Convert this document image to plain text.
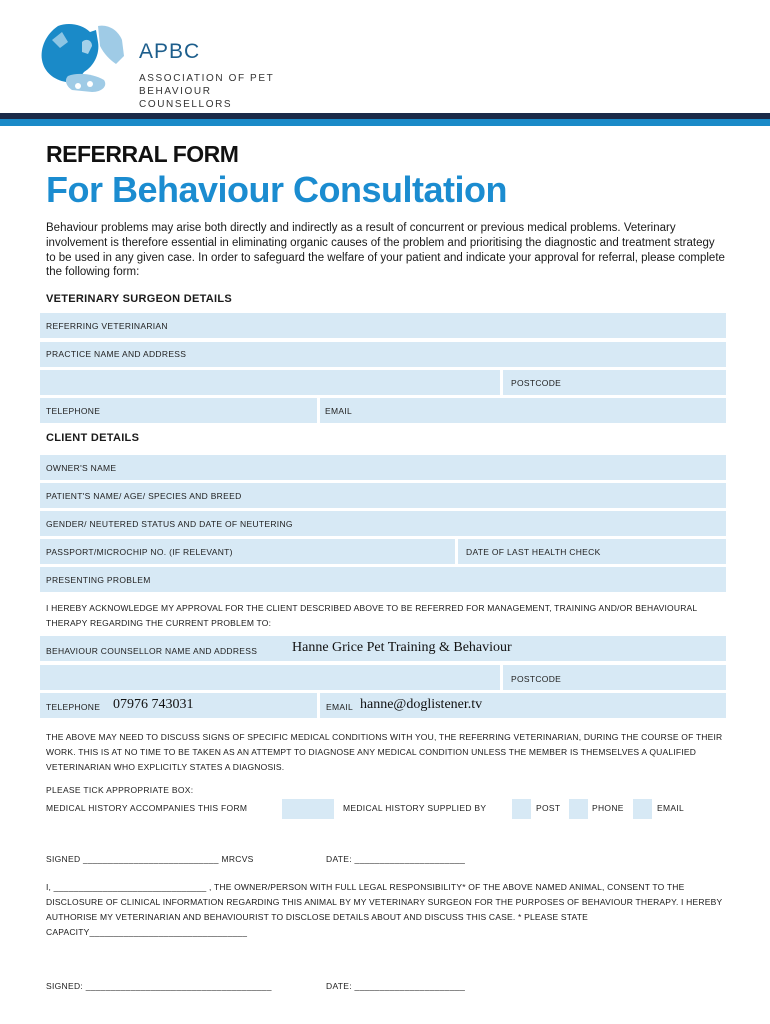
APBC
ASSOCIATION OF PET
BEHAVIOUR COUNSELLORS
REFERRAL FORM
For Behaviour Consultation
Behaviour problems may arise both directly and indirectly as a result of concurrent or previous medical problems. Veterinary involvement is therefore essential in eliminating organic causes of the problem and prioritising the diagnostic and treatment strategy to be used in any given case. In order to safeguard the welfare of your patient and indicate your approval for referral, please complete the following form:
VETERINARY SURGEON DETAILS
REFERRING VETERINARIAN
PRACTICE NAME AND ADDRESS
POSTCODE
TELEPHONE	EMAIL
CLIENT DETAILS
OWNER'S NAME
PATIENT'S NAME/ AGE/ SPECIES AND BREED
GENDER/ NEUTERED STATUS AND DATE OF NEUTERING
PASSPORT/MICROCHIP NO. (IF RELEVANT)	DATE OF LAST HEALTH CHECK
PRESENTING PROBLEM
I HEREBY ACKNOWLEDGE MY APPROVAL FOR THE CLIENT DESCRIBED ABOVE TO BE REFERRED FOR MANAGEMENT, TRAINING AND/OR BEHAVIOURAL THERAPY REGARDING THE CURRENT PROBLEM TO:
BEHAVIOUR COUNSELLOR NAME AND ADDRESS Hanne Grice Pet Training & Behaviour
POSTCODE
TELEPHONE 07976 743031	EMAIL hanne@doglistener.tv
THE ABOVE MAY NEED TO DISCUSS SIGNS OF SPECIFIC MEDICAL CONDITIONS WITH YOU, THE REFERRING VETERINARIAN, DURING THE COURSE OF THEIR WORK. THIS IS AT NO TIME TO BE TAKEN AS AN ATTEMPT TO DIAGNOSE ANY MEDICAL CONDITION UNLESS THE MEMBER IS THEMSELVES A QUALIFIED VETERINARIAN WHO EXPLICITLY STATES A DIAGNOSIS.
PLEASE TICK APPROPRIATE BOX:
MEDICAL HISTORY ACCOMPANIES THIS FORM	MEDICAL HISTORY SUPPLIED BY	POST	PHONE	EMAIL
SIGNED ___________________________ MRCVS	DATE: ______________________
I, _______________________________ , THE OWNER/PERSON WITH FULL LEGAL RESPONSIBILITY* OF THE ABOVE NAMED ANIMAL, CONSENT TO THE DISCLOSURE OF CLINICAL INFORMATION REGARDING THIS ANIMAL BY MY VETERINARY SURGEON FOR THE PURPOSES OF BEHAVIOUR THERAPY. I HEREBY AUTHORISE MY VETERINARIAN AND BEHAVIOURIST TO DISCLOSE DETAILS ABOUT AND DISCUSS THIS CASE. * PLEASE STATE CAPACITY________________________________
SIGNED: _____________________________________	DATE: ______________________
